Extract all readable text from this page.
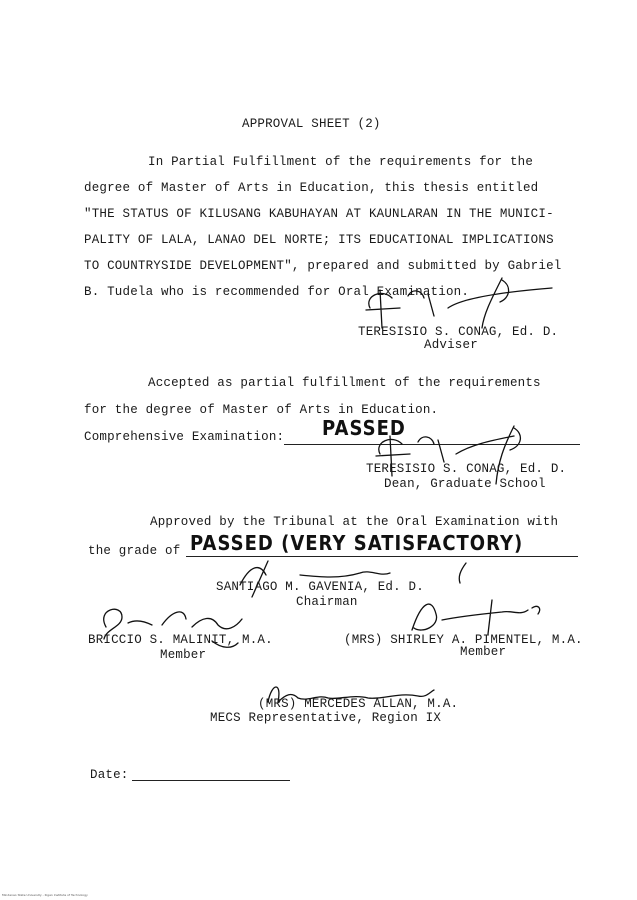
APPROVAL SHEET (2)
In Partial Fulfillment of the requirements for the
degree of Master of Arts in Education, this thesis entitled
"THE STATUS OF KILUSANG KABUHAYAN AT KAUNLARAN IN THE MUNICI-
PALITY OF LALA, LANAO DEL NORTE; ITS EDUCATIONAL IMPLICATIONS
TO COUNTRYSIDE DEVELOPMENT", prepared and submitted by Gabriel
B. Tudela who is recommended for Oral Examination.
TERESISIO S. CONAG, Ed. D.
Adviser
Accepted as partial fulfillment of the requirements
for the degree of Master of Arts in Education.
Comprehensive Examination: PASSED
TERESISIO S. CONAG, Ed. D.
Dean, Graduate School
Approved by the Tribunal at the Oral Examination with
the grade of PASSED (VERY SATISFACTORY)
SANTIAGO M. GAVENIA, Ed. D.
Chairman
BRICCIO S. MALINIT, M.A.
Member
(MRS) SHIRLEY A. PIMENTEL, M.A.
Member
(MRS) MERCEDES ALLAN, M.A.
MECS Representative, Region IX
Date:
Mindanao State University - Iligan Institute of Technology
